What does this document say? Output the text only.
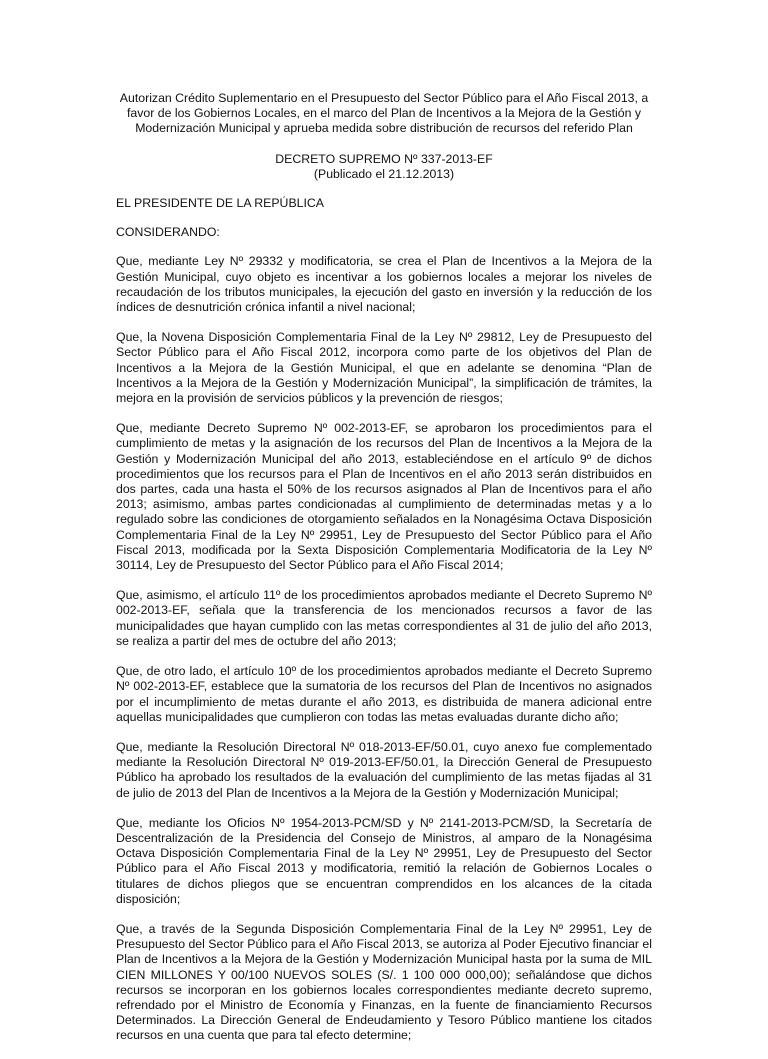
Autorizan Crédito Suplementario en el Presupuesto del Sector Público para el Año Fiscal 2013, a favor de los Gobiernos Locales, en el marco del Plan de Incentivos a la Mejora de la Gestión y Modernización Municipal y aprueba medida sobre distribución de recursos del referido Plan

DECRETO SUPREMO Nº 337-2013-EF
(Publicado el 21.12.2013)

EL PRESIDENTE DE LA REPÚBLICA

CONSIDERANDO:

Que, mediante Ley Nº 29332 y modificatoria, se crea el Plan de Incentivos a la Mejora de la Gestión Municipal, cuyo objeto es incentivar a los gobiernos locales a mejorar los niveles de recaudación de los tributos municipales, la ejecución del gasto en inversión y la reducción de los índices de desnutrición crónica infantil a nivel nacional;

Que, la Novena Disposición Complementaria Final de la Ley Nº 29812, Ley de Presupuesto del Sector Público para el Año Fiscal 2012, incorpora como parte de los objetivos del Plan de Incentivos a la Mejora de la Gestión Municipal, el que en adelante se denomina “Plan de Incentivos a la Mejora de la Gestión y Modernización Municipal”, la simplificación de trámites, la mejora en la provisión de servicios públicos y la prevención de riesgos;

Que, mediante Decreto Supremo Nº 002-2013-EF, se aprobaron los procedimientos para el cumplimiento de metas y la asignación de los recursos del Plan de Incentivos a la Mejora de la Gestión y Modernización Municipal del año 2013, estableciéndose en el artículo 9º de dichos procedimientos que los recursos para el Plan de Incentivos en el año 2013 serán distribuidos en dos partes, cada una hasta el 50% de los recursos asignados al Plan de Incentivos para el año 2013; asimismo, ambas partes condicionadas al cumplimiento de determinadas metas y a lo regulado sobre las condiciones de otorgamiento señalados en la Nonagésima Octava Disposición Complementaria Final de la Ley Nº 29951, Ley de Presupuesto del Sector Público para el Año Fiscal 2013, modificada por la Sexta Disposición Complementaria Modificatoria de la Ley Nº 30114, Ley de Presupuesto del Sector Público para el Año Fiscal 2014;

Que, asimismo, el artículo 11º de los procedimientos aprobados mediante el Decreto Supremo Nº 002-2013-EF, señala que la transferencia de los mencionados recursos a favor de las municipalidades que hayan cumplido con las metas correspondientes al 31 de julio del año 2013, se realiza a partir del mes de octubre del año 2013;

Que, de otro lado, el artículo 10º de los procedimientos aprobados mediante el Decreto Supremo Nº 002-2013-EF, establece que la sumatoria de los recursos del Plan de Incentivos no asignados por el incumplimiento de metas durante el año 2013, es distribuida de manera adicional entre aquellas municipalidades que cumplieron con todas las metas evaluadas durante dicho año;

Que, mediante la Resolución Directoral Nº 018-2013-EF/50.01, cuyo anexo fue complementado mediante la Resolución Directoral Nº 019-2013-EF/50.01, la Dirección General de Presupuesto Público ha aprobado los resultados de la evaluación del cumplimiento de las metas fijadas al 31 de julio de 2013 del Plan de Incentivos a la Mejora de la Gestión y Modernización Municipal;

Que, mediante los Oficios Nº 1954-2013-PCM/SD y Nº 2141-2013-PCM/SD, la Secretaría de Descentralización de la Presidencia del Consejo de Ministros, al amparo de la Nonagésima Octava Disposición Complementaria Final de la Ley Nº 29951, Ley de Presupuesto del Sector Público para el Año Fiscal 2013 y modificatoria, remitió la relación de Gobiernos Locales o titulares de dichos pliegos que se encuentran comprendidos en los alcances de la citada disposición;

Que, a través de la Segunda Disposición Complementaria Final de la Ley Nº 29951, Ley de Presupuesto del Sector Público para el Año Fiscal 2013, se autoriza al Poder Ejecutivo financiar el Plan de Incentivos a la Mejora de la Gestión y Modernización Municipal hasta por la suma de MIL CIEN MILLONES Y 00/100 NUEVOS SOLES (S/. 1 100 000 000,00); señalándose que dichos recursos se incorporan en los gobiernos locales correspondientes mediante decreto supremo, refrendado por el Ministro de Economía y Finanzas, en la fuente de financiamiento Recursos Determinados. La Dirección General de Endeudamiento y Tesoro Público mantiene los citados recursos en una cuenta que para tal efecto determine;
